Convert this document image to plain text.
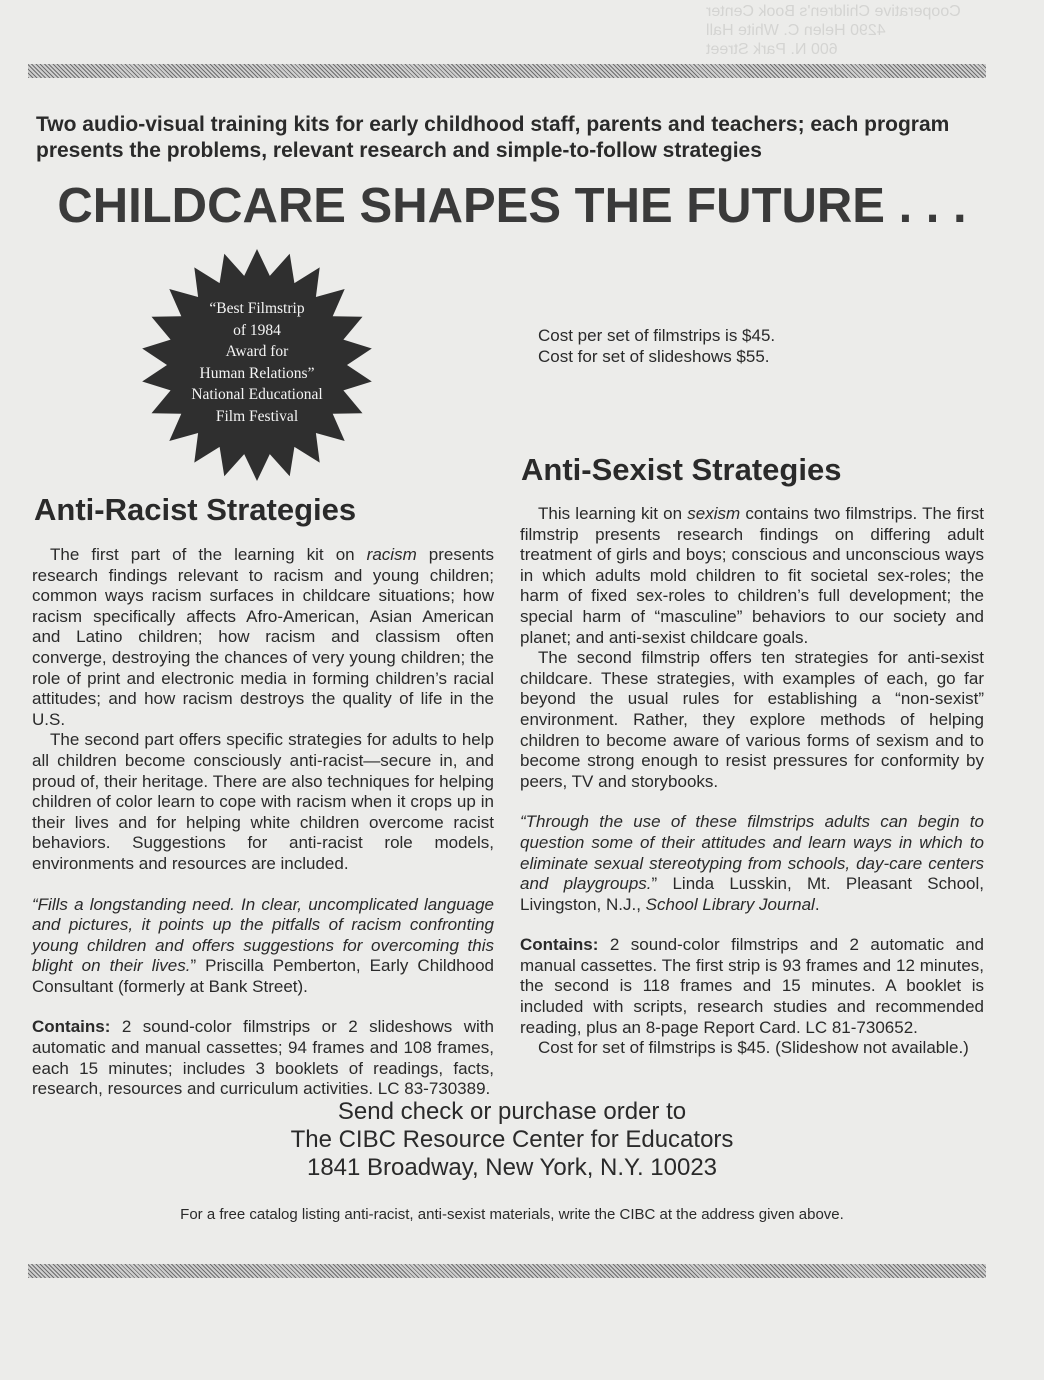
Cooperative Children's Book Center
4290 Helen C. White Hall
600 N. Park Street
Two audio-visual training kits for early childhood staff, parents and teachers; each program presents the problems, relevant research and simple-to-follow strategies
CHILDCARE SHAPES THE FUTURE . . .
“Best Filmstrip
of 1984
Award for
Human Relations”
National Educational
Film Festival
Anti-Racist Strategies

The first part of the learning kit on racism presents research findings relevant to racism and young children; common ways racism surfaces in childcare situations; how racism specifically affects Afro-American, Asian American and Latino children; how racism and classism often converge, destroying the chances of very young children; the role of print and electronic media in forming children’s racial attitudes; and how racism destroys the quality of life in the U.S.

The second part offers specific strategies for adults to help all children become consciously anti-racist—secure in, and proud of, their heritage. There are also techniques for helping children of color learn to cope with racism when it crops up in their lives and for helping white children overcome racist behaviors. Suggestions for anti-racist role models, environments and resources are included.

“Fills a longstanding need. In clear, uncomplicated language and pictures, it points up the pitfalls of racism confronting young children and offers suggestions for overcoming this blight on their lives.” Priscilla Pemberton, Early Childhood Consultant (formerly at Bank Street).

Contains: 2 sound-color filmstrips or 2 slideshows with automatic and manual cassettes; 94 frames and 108 frames, each 15 minutes; includes 3 booklets of readings, facts, research, resources and curriculum activities. LC 83-730389.

Cost per set of filmstrips is $45.

Cost for set of slideshows $55.

Anti-Sexist Strategies

This learning kit on sexism contains two filmstrips. The first filmstrip presents research findings on differing adult treatment of girls and boys; conscious and unconscious ways in which adults mold children to fit societal sex-roles; the harm of fixed sex-roles to children’s full development; the special harm of “masculine” behaviors to our society and planet; and anti-sexist childcare goals.

The second filmstrip offers ten strategies for anti-sexist childcare. These strategies, with examples of each, go far beyond the usual rules for establishing a “non-sexist” environment. Rather, they explore methods of helping children to become aware of various forms of sexism and to become strong enough to resist pressures for conformity by peers, TV and storybooks.

“Through the use of these filmstrips adults can begin to question some of their attitudes and learn ways in which to eliminate sexual stereotyping from schools, day-care centers and playgroups.” Linda Lusskin, Mt. Pleasant School, Livingston, N.J., School Library Journal.

Contains: 2 sound-color filmstrips and 2 automatic and manual cassettes. The first strip is 93 frames and 12 minutes, the second is 118 frames and 15 minutes. A booklet is included with scripts, research studies and recommended reading, plus an 8-page Report Card. LC 81-730652.

Cost for set of filmstrips is $45. (Slideshow not available.)

Send check or purchase order to
The CIBC Resource Center for Educators
1841 Broadway, New York, N.Y. 10023
For a free catalog listing anti-racist, anti-sexist materials, write the CIBC at the address given above.
